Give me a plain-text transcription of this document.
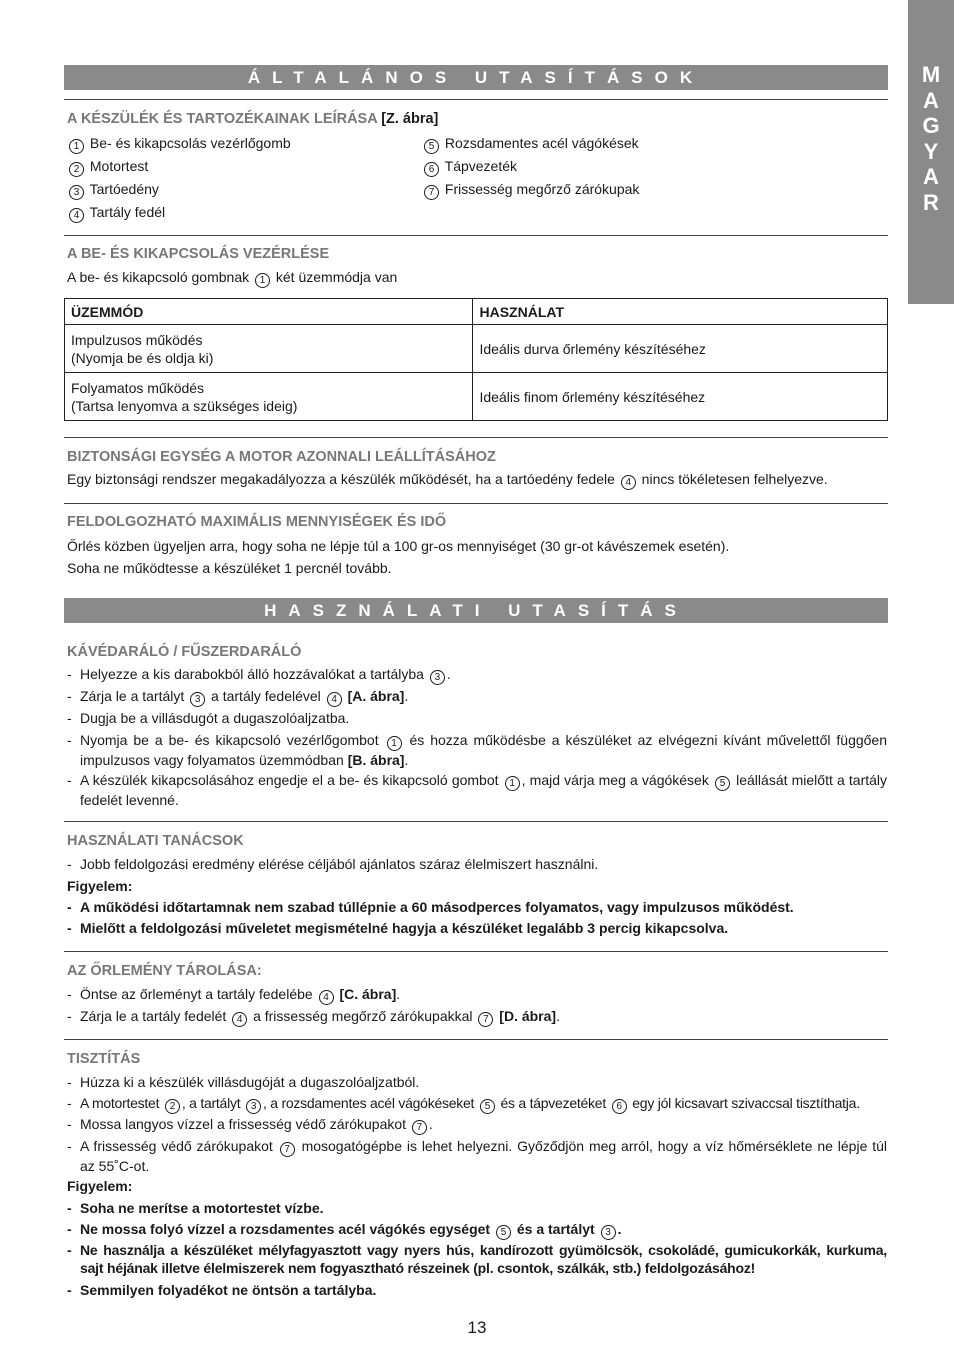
M
A
G
Y
A
R
ÁLTALÁNOS UTASÍTÁSOK
A KÉSZÜLÉK ÉS TARTOZÉKAINAK LEÍRÁSA [Z. ábra]
1 Be- és kikapcsolás vezérlőgomb
2 Motortest
3 Tartóedény
4 Tartály fedél
5 Rozsdamentes acél vágókések
6 Tápvezeték
7 Frissesség megőrző zárókupak
A BE- ÉS KIKAPCSOLÁS VEZÉRLÉSE
A be- és kikapcsoló gombnak 1 két üzemmódja van
ÜZEMMÓD	HASZNÁLAT

Impulzusos működés
(Nyomja be és oldja ki)	Ideális durva őrlemény készítéséhez

Folyamatos működés
(Tartsa lenyomva a szükséges ideig)	Ideális finom őrlemény készítéséhez
BIZTONSÁGI EGYSÉG A MOTOR AZONNALI LEÁLLÍTÁSÁHOZ
Egy biztonsági rendszer megakadályozza a készülék működését, ha a tartóedény fedele 4 nincs tökéletesen felhelyezve.
FELDOLGOZHATÓ MAXIMÁLIS MENNYISÉGEK ÉS IDŐ
Őrlés közben ügyeljen arra, hogy soha ne lépje túl a 100 gr-os mennyiséget (30 gr-ot kávészemek esetén).
Soha ne működtesse a készüléket 1 percnél tovább.
HASZNÁLATI UTASÍTÁS
KÁVÉDARÁLÓ / FŰSZERDARÁLÓ
- Helyezze a kis darabokból álló hozzávalókat a tartályba 3 .
- Zárja le a tartályt 3 a tartály fedelével 4 [A. ábra].
- Dugja be a villásdugót a dugaszolóaljzatba.
- Nyomja be a be- és kikapcsoló vezérlőgombot 1 és hozza működésbe a készüléket az elvégezni kívánt művelettől függően impulzusos vagy folyamatos üzemmódban [B. ábra].
- A készülék kikapcsolásához engedje el a be- és kikapcsoló gombot 1 , majd várja meg a vágókések 5 leállását mielőtt a tartály fedelét levenné.
HASZNÁLATI TANÁCSOK
- Jobb feldolgozási eredmény elérése céljából ajánlatos száraz élelmiszert használni.
Figyelem:
- A működési időtartamnak nem szabad túllépnie a 60 másodperces folyamatos, vagy impulzusos működést.
- Mielőtt a feldolgozási műveletet megismételné hagyja a készüléket legalább 3 percig kikapcsolva.
AZ ŐRLEMÉNY TÁROLÁSA:
- Öntse az őrleményt a tartály fedelébe 4 [C. ábra].
- Zárja le a tartály fedelét 4 a frissesség megőrző zárókupakkal 7 [D. ábra].
TISZTÍTÁS
- Húzza ki a készülék villásdugóját a dugaszolóaljzatból.
- A motortestet 2 , a tartályt 3 , a rozsdamentes acél vágókéseket 5 és a tápvezetéket 6 egy jól kicsavart szivaccsal tisztíthatja.
- Mossa langyos vízzel a frissesség védő zárókupakot 7 .
- A frissesség védő zárókupakot 7 mosogatógépbe is lehet helyezni. Győződjön meg arról, hogy a víz hőmérséklete ne lépje túl az 55˚C-ot.
Figyelem:
- Soha ne merítse a motortestet vízbe.
- Ne mossa folyó vízzel a rozsdamentes acél vágókés egységet 5 és a tartályt 3 .
- Ne használja a készüléket mélyfagyasztott vagy nyers hús, kandírozott gyümölcsök, csokoládé, gumicukorkák, kurkuma, sajt héjának illetve élelmiszerek nem fogyasztható részeinek (pl. csontok, szálkák, stb.) feldolgozásához!
- Semmilyen folyadékot ne öntsön a tartályba.
13
